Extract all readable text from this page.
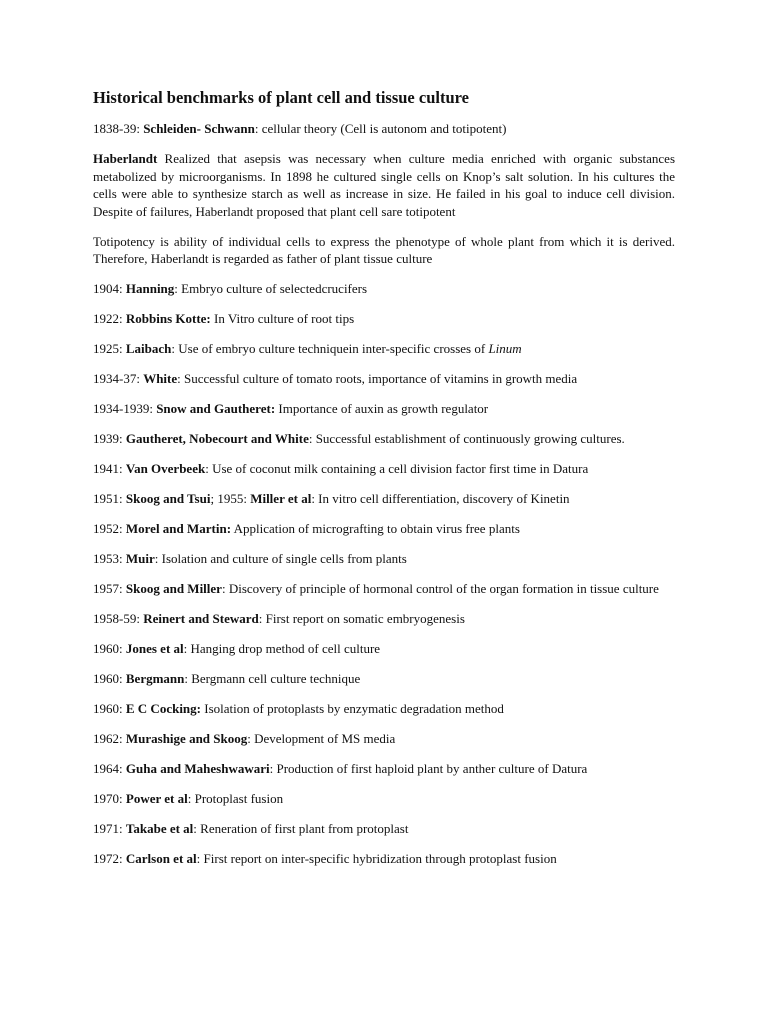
Historical benchmarks of plant cell and tissue culture

1838-39: Schleiden- Schwann: cellular theory (Cell is autonom and totipotent)

Haberlandt Realized that asepsis was necessary when culture media enriched with organic substances metabolized by microorganisms. In 1898 he cultured single cells on Knop’s salt solution. In his cultures the cells were able to synthesize starch as well as increase in size. He failed in his goal to induce cell division. Despite of failures, Haberlandt proposed that plant cell sare totipotent

Totipotency is ability of individual cells to express the phenotype of whole plant from which it is derived. Therefore, Haberlandt is regarded as father of plant tissue culture

1904: Hanning: Embryo culture of selectedcrucifers

1922: Robbins Kotte: In Vitro culture of root tips

1925: Laibach: Use of embryo culture techniquein inter-specific crosses of Linum

1934-37: White: Successful culture of tomato roots, importance of vitamins in growth media

1934-1939: Snow and Gautheret: Importance of auxin as growth regulator

1939: Gautheret, Nobecourt and White: Successful establishment of continuously growing cultures.

1941: Van Overbeek: Use of coconut milk containing a cell division factor first time in Datura

1951: Skoog and Tsui; 1955: Miller et al: In vitro cell differentiation, discovery of Kinetin

1952: Morel and Martin: Application of micrografting to obtain virus free plants

1953: Muir: Isolation and culture of single cells from plants

1957: Skoog and Miller: Discovery of principle of hormonal control of the organ formation in tissue culture

1958-59: Reinert and Steward: First report on somatic embryogenesis

1960: Jones et al: Hanging drop method of cell culture

1960: Bergmann: Bergmann cell culture technique

1960: E C Cocking: Isolation of protoplasts by enzymatic degradation method

1962: Murashige and Skoog: Development of MS media

1964: Guha and Maheshwawari: Production of first haploid plant by anther culture of Datura

1970: Power et al: Protoplast fusion

1971: Takabe et al: Reneration of first plant from protoplast

1972: Carlson et al: First report on inter-specific hybridization through protoplast fusion
